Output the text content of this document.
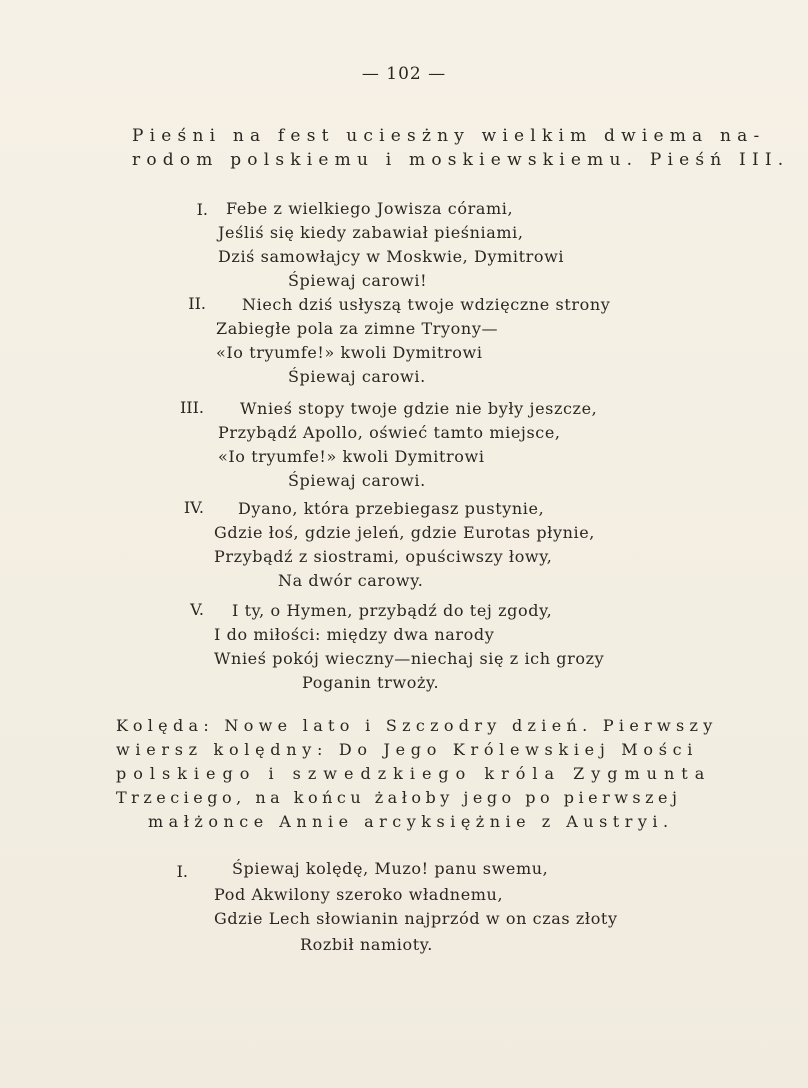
— 102 —
Pieśni na fest uciesżny wielkim dwiema na-
rodom polskiemu i moskiewskiemu. Pieśń III.
I. Febe z wielkiego Jowisza córami,
Jeśliś się kiedy zabawiał pieśniami,
Dziś samowłajcy w Moskwie, Dymitrowi
Śpiewaj carowi!
II. Niech dziś usłyszą twoje wdzięczne strony
Zabiegłe pola za zimne Tryony—
«Io tryumfe!» kwoli Dymitrowi
Śpiewaj carowi.
III. Wnieś stopy twoje gdzie nie były jeszcze,
Przybądź Apollo, oświeć tamto miejsce,
«Io tryumfe!» kwoli Dymitrowi
Śpiewaj carowi.
IV. Dyano, która przebiegasz pustynie,
Gdzie łoś, gdzie jeleń, gdzie Eurotas płynie,
Przybądź z siostrami, opuściwszy łowy,
Na dwór carowy.
V. I ty, o Hymen, przybądź do tej zgody,
I do miłości: między dwa narody
Wnieś pokój wieczny—niechaj się z ich grozy
Poganin trwoży.
Kolęda: Nowe lato i Szczodry dzień. Pierwszy
wiersz kolędny: Do Jego Królewskiej Mości
polskiego i szwedzkiego króla Zygmunta
Trzeciego, na końcu żałoby jego po pierwszej
małżonce Annie arcyksiężnie z Austryi.
I.	Śpiewaj kolędę, Muzo! panu swemu,
Pod Akwilony szeroko władnemu,
Gdzie Lech słowianin najprzód w on czas złoty
Rozbił namioty.
